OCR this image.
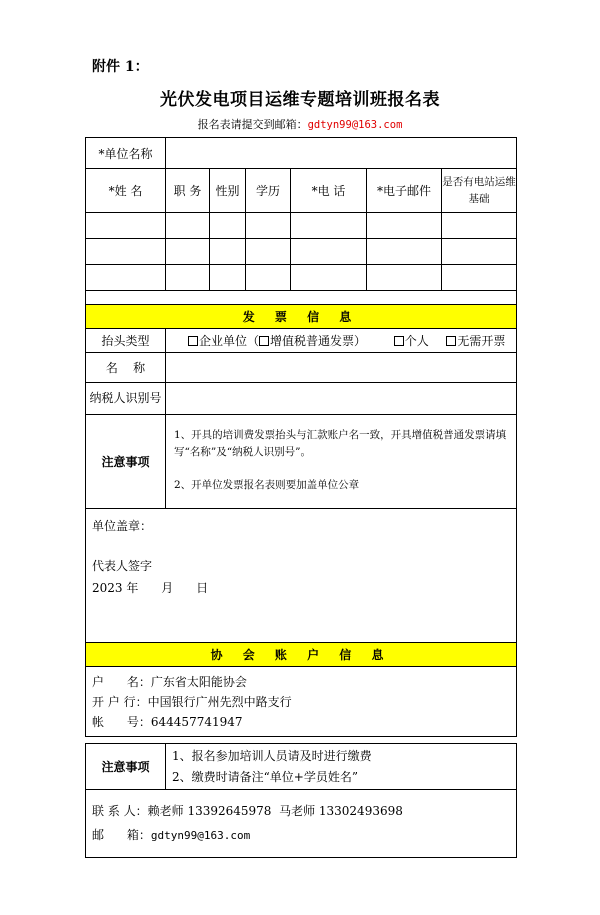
附件 1：
光伏发电项目运维专题培训班报名表
报名表请提交到邮箱：gdtyn99@163.com
*单位名称						
*姓 名	职 务	性别	学历	*电 话	*电子邮件	是否有电站运维基础

发 票 信 息						
抬头类型	企业单位（ 增值税普通发票） 个人 无需开票					
名    称						
纳税人识别号						
注意事项	1、开具的培训费发票抬头与汇款账户名一致，开具增值税普通发票请填写“名称”及“纳税人识别号”。
2、开单位发票报名表则要加盖单位公章					

单位盖章：
代表人签字
2023 年      月      日						

协 会 账 户 信 息						

户      名：广东省太阳能协会
开 户 行：中国银行广州先烈中路支行
帐      号：644457741947						
注意事项	
1、报名参加培训人员请及时进行缴费
2、缴费时请备注“单位+学员姓名”

联 系 人：赖老师 13392645978  马老师 13302493698
邮      箱：gdtyn99@163.com
